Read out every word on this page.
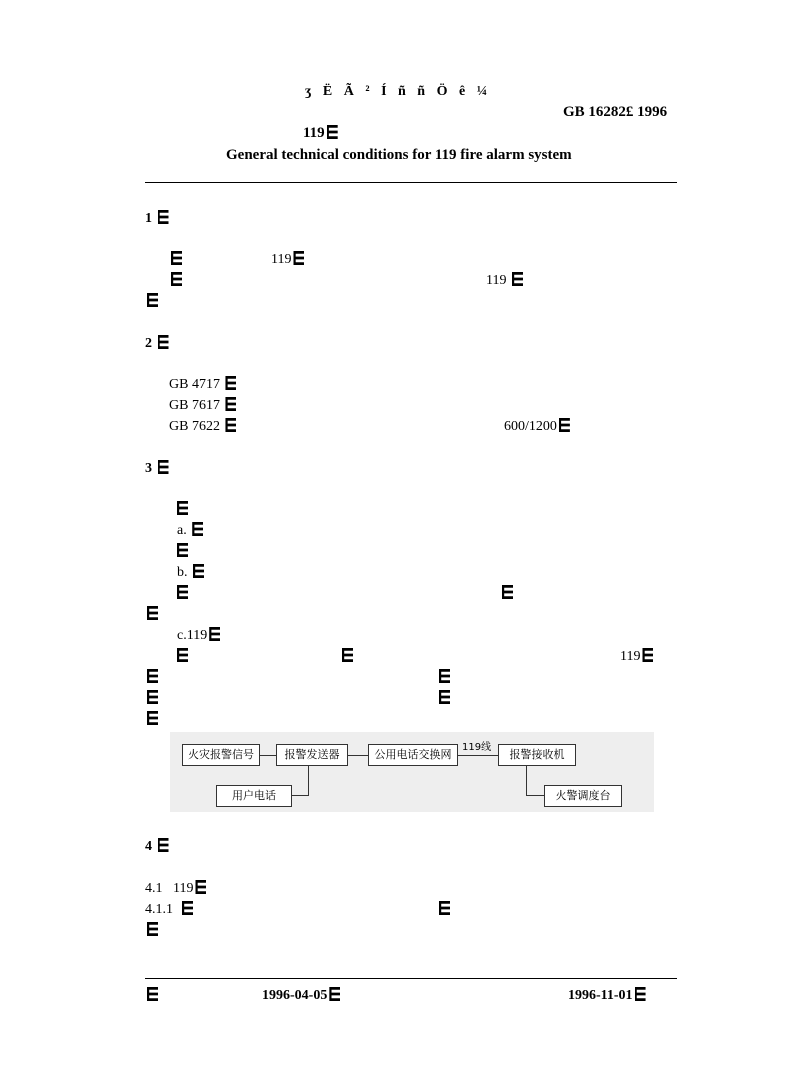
ʒ Ë Ã ² Í ñ ñ Ö ê ¼
GB 16282£ 1996
119
General technical conditions for 119 fire alarm system
1
119
119
2
GB 4717
GB 7617
GB 7622	600/1200
3
a.
b.
c.119
119
火灾报警信号	报警发送器	公用电话交换网
119线
报警接收机
用户电话	火警调度台
4
4.1 119
4.1.1
1996-04-05	1996-11-01
